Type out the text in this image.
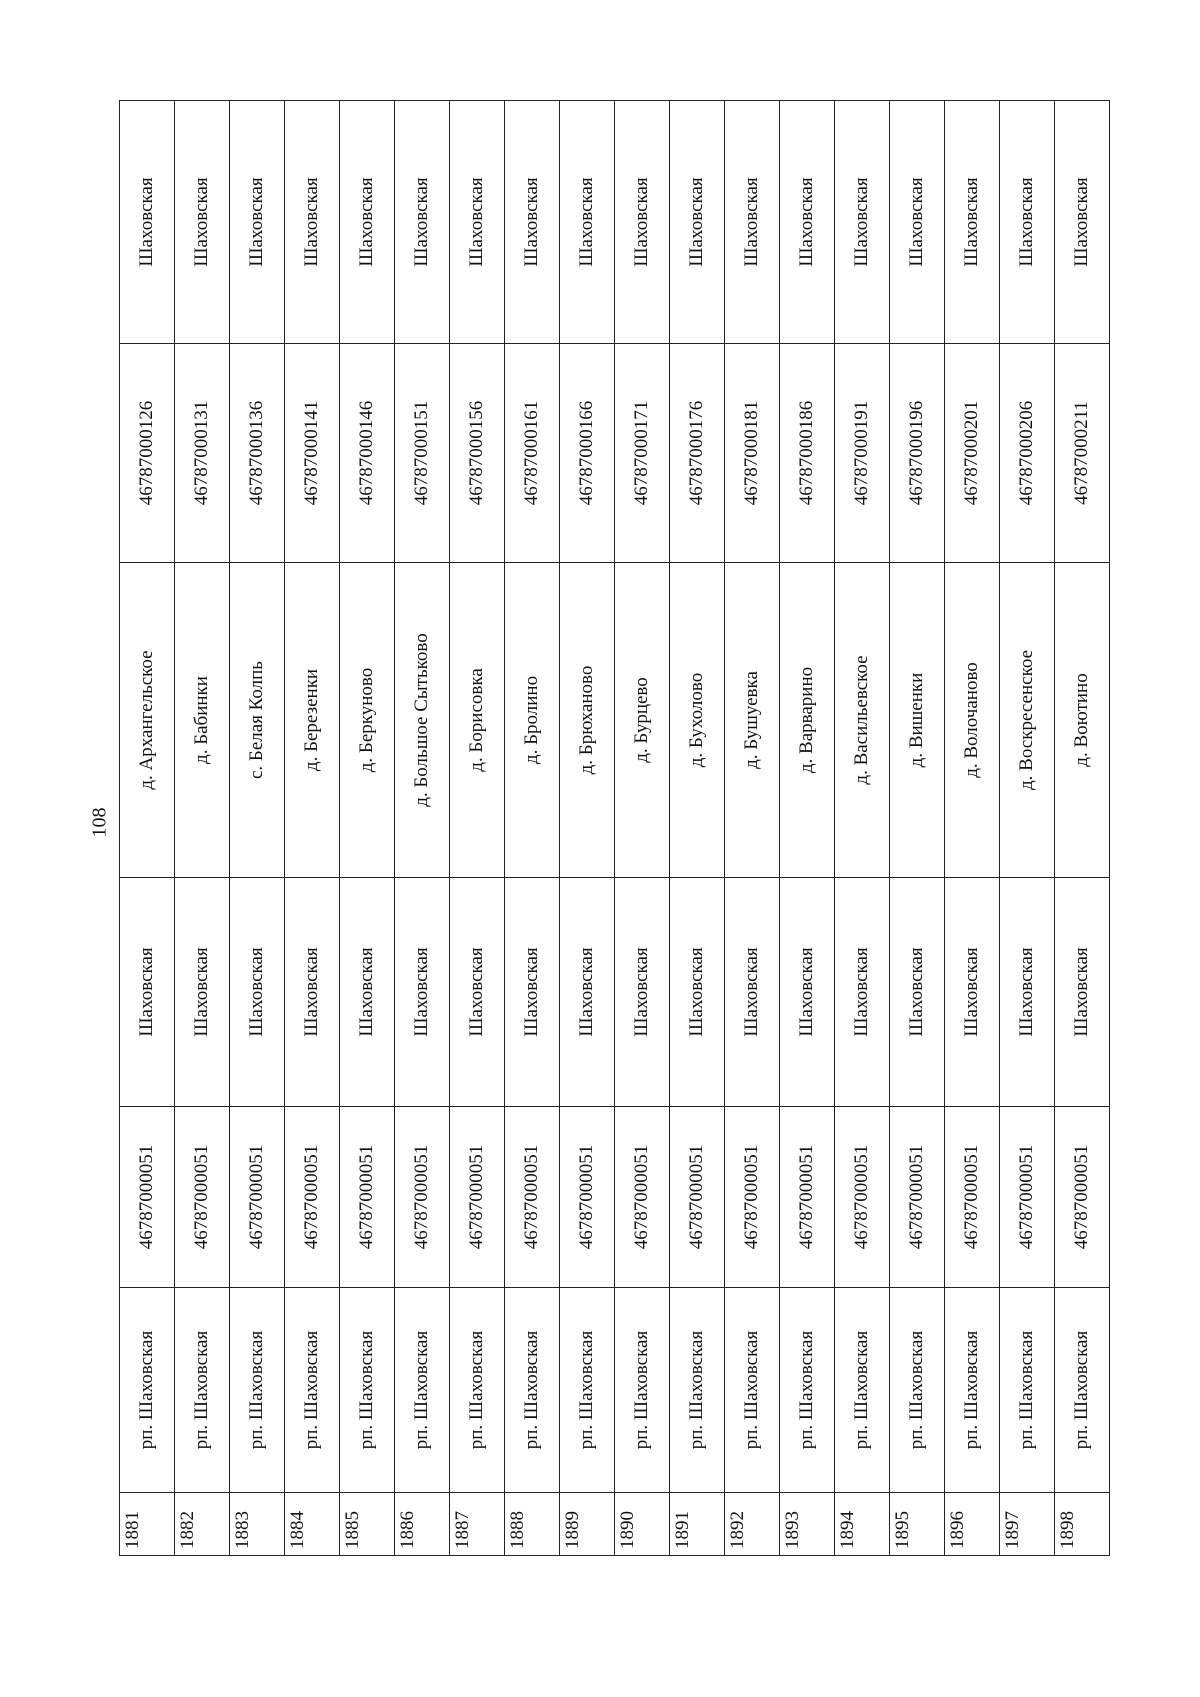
108
1881	рп. Шаховская	46787000051	Шаховская	д. Архангельское	46787000126	Шаховская
1882	рп. Шаховская	46787000051	Шаховская	д. Бабинки	46787000131	Шаховская
1883	рп. Шаховская	46787000051	Шаховская	с. Белая Колпь	46787000136	Шаховская
1884	рп. Шаховская	46787000051	Шаховская	д. Березенки	46787000141	Шаховская
1885	рп. Шаховская	46787000051	Шаховская	д. Беркуново	46787000146	Шаховская
1886	рп. Шаховская	46787000051	Шаховская	д. Большое Сытьково	46787000151	Шаховская
1887	рп. Шаховская	46787000051	Шаховская	д. Борисовка	46787000156	Шаховская
1888	рп. Шаховская	46787000051	Шаховская	д. Бролино	46787000161	Шаховская
1889	рп. Шаховская	46787000051	Шаховская	д. Брюханово	46787000166	Шаховская
1890	рп. Шаховская	46787000051	Шаховская	д. Бурцево	46787000171	Шаховская
1891	рп. Шаховская	46787000051	Шаховская	д. Бухолово	46787000176	Шаховская
1892	рп. Шаховская	46787000051	Шаховская	д. Бушуевка	46787000181	Шаховская
1893	рп. Шаховская	46787000051	Шаховская	д. Варварино	46787000186	Шаховская
1894	рп. Шаховская	46787000051	Шаховская	д. Васильевское	46787000191	Шаховская
1895	рп. Шаховская	46787000051	Шаховская	д. Вишенки	46787000196	Шаховская
1896	рп. Шаховская	46787000051	Шаховская	д. Волочаново	46787000201	Шаховская
1897	рп. Шаховская	46787000051	Шаховская	д. Воскресенское	46787000206	Шаховская
1898	рп. Шаховская	46787000051	Шаховская	д. Воютино	46787000211	Шаховская
